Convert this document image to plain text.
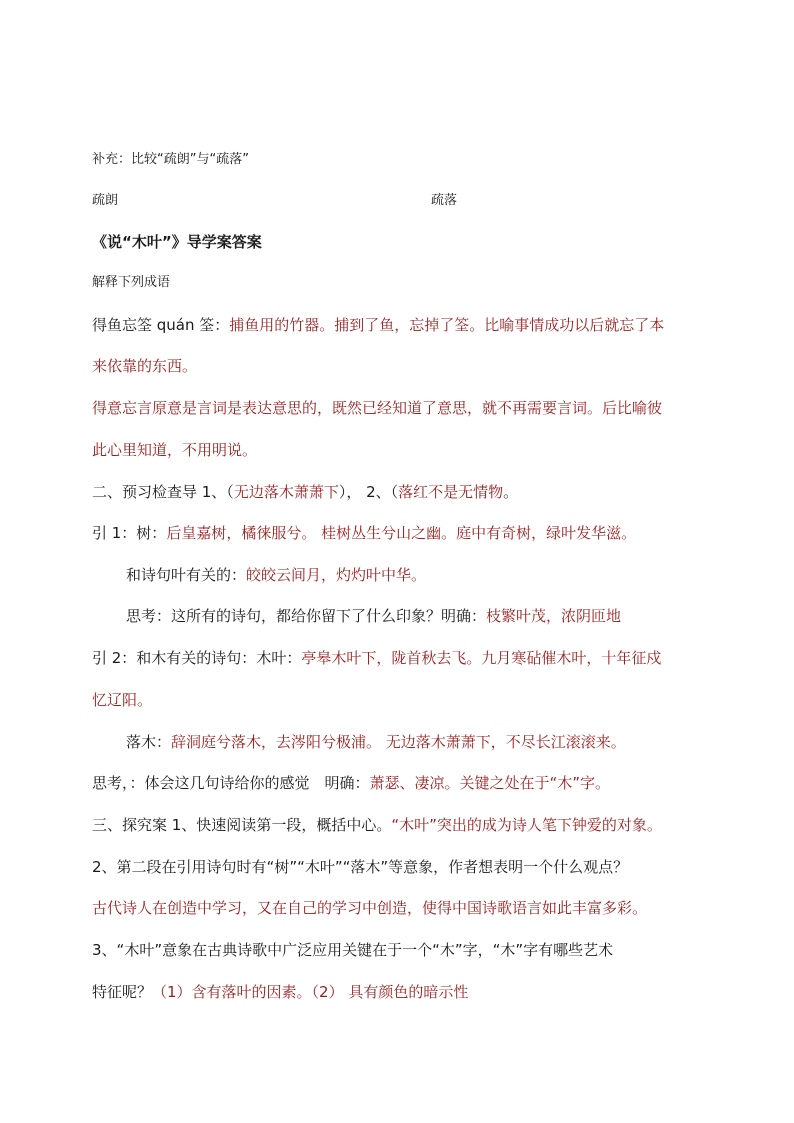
补充：比较“疏朗”与“疏落”
疏朗	疏落
《说“木叶”》导学案答案
解释下列成语
得鱼忘筌 quán 筌：捕鱼用的竹器。捕到了鱼，忘掉了筌。比喻事情成功以后就忘了本
来依靠的东西。
得意忘言原意是言词是表达意思的，既然已经知道了意思，就不再需要言词。后比喻彼
此心里知道，不用明说。
二、预习检查导 1、（无边落木萧萧下）， 2、（落红不是无情物。
引 1：树：后皇嘉树，橘徕服兮。 桂树丛生兮山之幽。庭中有奇树，绿叶发华滋。
和诗句叶有关的：皎皎云间月，灼灼叶中华。
思考：这所有的诗句，都给你留下了什么印象？明确：枝繁叶茂，浓阴匝地
引 2：和木有关的诗句：木叶：亭皋木叶下，陇首秋去飞。九月寒砧催木叶，十年征戍
忆辽阳。
落木：辞洞庭兮落木，去涔阳兮极浦。 无边落木萧萧下，不尽长江滚滚来。
思考，：体会这几句诗给你的感觉　明确：萧瑟、凄凉。关键之处在于“木”字。
三、探究案 1、快速阅读第一段，概括中心。“木叶”突出的成为诗人笔下钟爱的对象。
2、第二段在引用诗句时有“树”“木叶”“落木”等意象，作者想表明一个什么观点？
古代诗人在创造中学习，又在自己的学习中创造，使得中国诗歌语言如此丰富多彩。
3、“木叶”意象在古典诗歌中广泛应用关键在于一个“木”字，“木”字有哪些艺术
特征呢？（1）含有落叶的因素。（2） 具有颜色的暗示性
